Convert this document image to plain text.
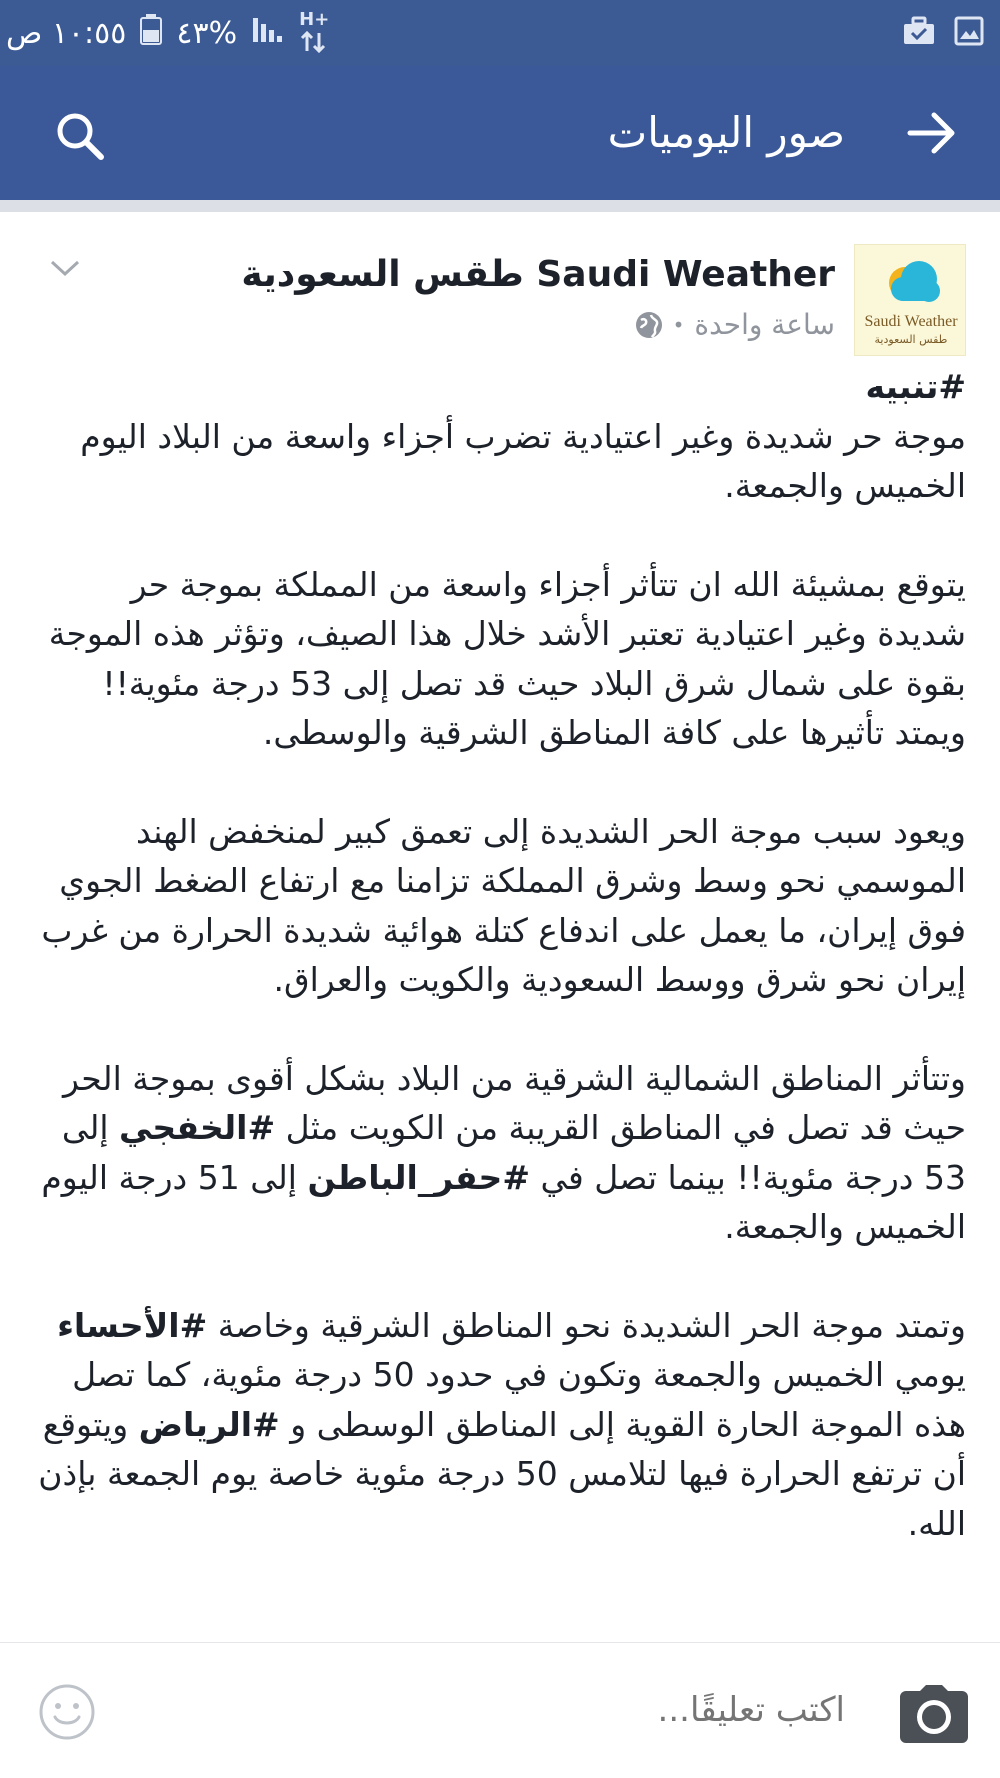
١٠:٥٥ ص %٤٣	H+
صور اليوميات
Saudi Weather
طقس السعودية
Saudi Weather طقس السعودية
ساعة واحدة
•
#تنبيه

موجة حر شديدة وغير اعتيادية تضرب أجزاء واسعة من البلاد اليوم الخميس والجمعة.

يتوقع بمشيئة الله ان تتأثر أجزاء واسعة من المملكة بموجة حر شديدة وغير اعتيادية تعتبر الأشد خلال هذا الصيف، وتؤثر هذه الموجة بقوة على شمال شرق البلاد حيث قد تصل إلى 53 درجة مئوية!! ويمتد تأثيرها على كافة المناطق الشرقية والوسطى.

ويعود سبب موجة الحر الشديدة إلى تعمق كبير لمنخفض الهند الموسمي نحو وسط وشرق المملكة تزامنا مع ارتفاع الضغط الجوي فوق إيران، ما يعمل على اندفاع كتلة هوائية شديدة الحرارة من غرب إيران نحو شرق ووسط السعودية والكويت والعراق.

وتتأثر المناطق الشمالية الشرقية من البلاد بشكل أقوى بموجة الحر حيث قد تصل في المناطق القريبة من الكويت مثل #الخفجي إلى 53 درجة مئوية!! بينما تصل في #حفر_الباطن إلى 51 درجة اليوم الخميس والجمعة.

وتمتد موجة الحر الشديدة نحو المناطق الشرقية وخاصة #الأحساء يومي الخميس والجمعة وتكون في حدود 50 درجة مئوية، كما تصل هذه الموجة الحارة القوية إلى المناطق الوسطى و #الرياض ويتوقع أن ترتفع الحرارة فيها لتلامس 50 درجة مئوية خاصة يوم الجمعة بإذن الله.

اكتب تعليقًا...
